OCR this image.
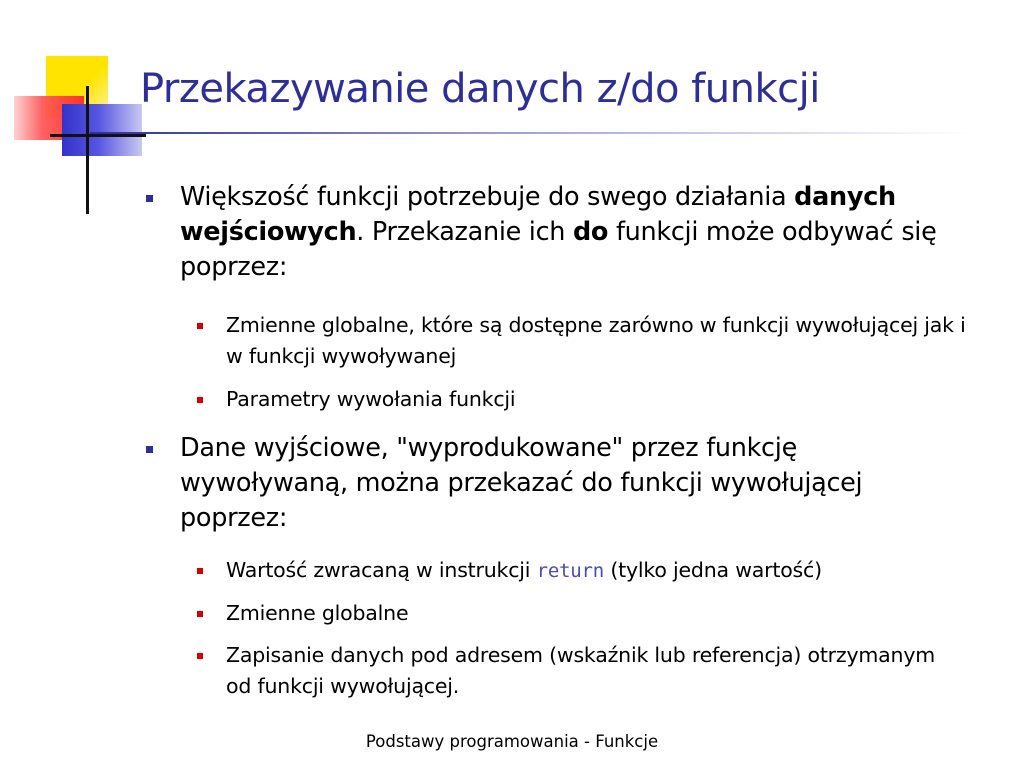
Przekazywanie danych z/do funkcji
Większość funkcji potrzebuje do swego działania danych wejściowych. Przekazanie ich do funkcji może odbywać się poprzez:
Zmienne globalne, które są dostępne zarówno w funkcji wywołującej jak i w funkcji wywoływanej
Parametry wywołania funkcji
Dane wyjściowe, "wyprodukowane" przez funkcję wywoływaną, można przekazać do funkcji wywołującej poprzez:
Wartość zwracaną w instrukcji return (tylko jedna wartość)
Zmienne globalne
Zapisanie danych pod adresem (wskaźnik lub referencja) otrzymanym od funkcji wywołującej.
Podstawy programowania - Funkcje
